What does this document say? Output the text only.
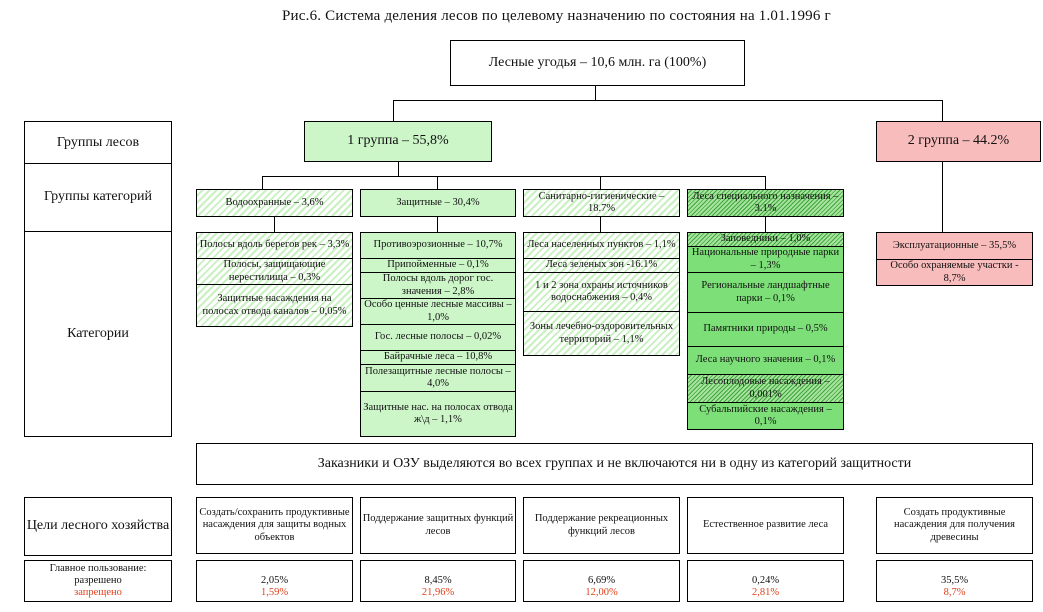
Рис.6. Система деления лесов по целевому назначению по состояния на 1.01.1996 г
Лесные угодья – 10,6 млн. га (100%)
Группы лесов
Группы категорий
Категории
1 группа – 55,8%	2 группа – 44.2%
Водоохранные – 3,6%	Защитные – 30,4%
Санитарно-гигиенические – 18.7%
Леса специального назначения – 3.1%
Полосы вдоль берегов рек – 3,3%
Полосы, защищающие нерестилища – 0,3%
Защитные насаждения на полосах отвода каналов – 0,05%
Противоэрозионные – 10,7%
Припойменные – 0,1%
Полосы вдоль дорог гос. значения – 2,8%
Особо ценные лесные массивы – 1,0%
Гос. лесные полосы – 0,02%
Байрачные леса – 10,8%
Полезащитные лесные полосы – 4,0%
Защитные нас. на полосах отвода ж\д – 1,1%
Леса населенных пунктов – 1,1%
Леса зеленых зон -16.1%
1 и 2 зона охраны источников водоснабжения – 0,4%
Зоны лечебно-оздоровительных территорий – 1,1%
Заповедники – 1,0%
Национальные природные парки – 1,3%
Региональные ландшафтные парки – 0,1%
Памятники природы – 0,5%
Леса научного значения – 0,1%
Лесоплодовые насаждения – 0,001%
Субальпийские насаждения – 0,1%
Эксплуатационные – 35,5%
Особо охраняемые участки - 8,7%
Заказники и ОЗУ выделяются во всех группах и не включаются ни в одну из категорий защитности
Цели лесного хозяйства
Создать/сохранить продуктивные насаждения для защиты водных объектов
Поддержание защитных функций лесов
Поддержание рекреационных функций лесов
Естественное развитие леса
Создать продуктивные насаждения для получения древесины
Главное пользование:
разрешено
запрещено
2,05%
1,59%
8,45%
21,96%
6,69%
12,00%
0,24%
2,81%
35,5%
8,7%
